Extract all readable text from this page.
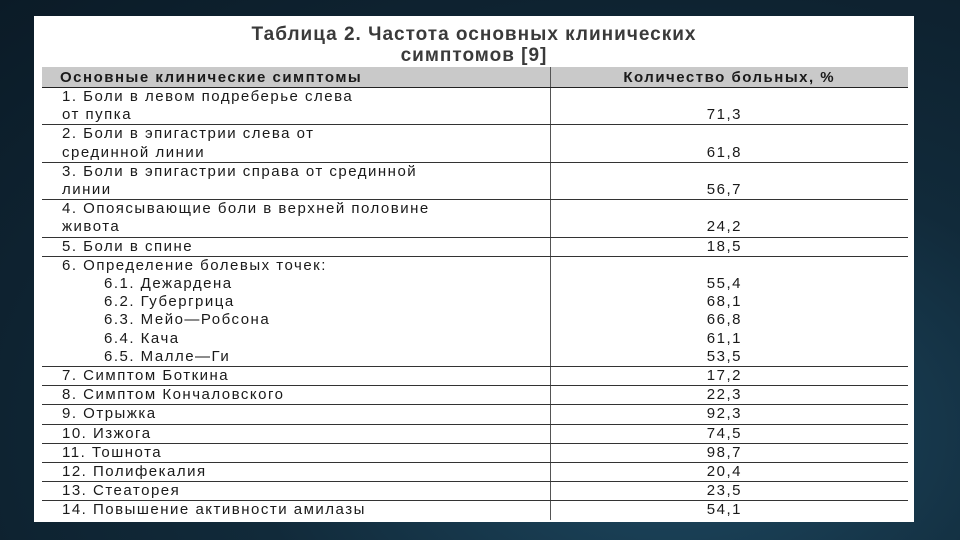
Таблица 2. Частота основных клинических
симптомов [9]
Основные клинические симптомы	Количество больных, %
1. Боли в левом подреберье слева от пупка	71,3
2. Боли в эпигастрии слева от срединной линии	61,8
3. Боли в эпигастрии справа от срединной линии	56,7
4. Опоясывающие боли в верхней половине живота	24,2
5. Боли в спине	18,5
6. Определение болевых точек:	
6.1. Дежардена	55,4
6.2. Губергрица	68,1
6.3. Мейо—Робсона	66,8
6.4. Кача	61,1
6.5. Малле—Ги	53,5
7. Симптом Боткина	17,2
8. Симптом Кончаловского	22,3
9. Отрыжка	92,3
10. Изжога	74,5
11. Тошнота	98,7
12. Полифекалия	20,4
13. Стеаторея	23,5
14. Повышение активности амилазы	54,1
